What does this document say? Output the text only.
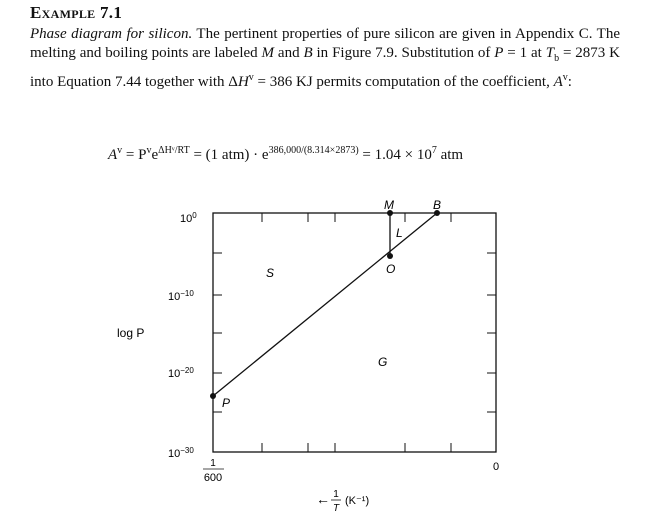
Example 7.1
Phase diagram for silicon. The pertinent properties of pure silicon are given in Appendix C. The melting and boiling points are labeled M and B in Figure 7.9. Substitution of P = 1 at $T_b = 2873$ K into Equation 7.44 together with $\Delta H^v = 386$ KJ permits computation of the coefficient, $A^v$:
$A^v = P^ve^{\Delta Hᵛ/RT} = (1$ $atm) \cdot e^{386,000/(8.314\times 2873)} = 1.04 \times 10^7$ atm
P
O
M	B
S
L
G
$10^0$
$10^{-10}$
$10^{-20}$
$10^{-30}$
log P
1
600
0
← 1
T
(K⁻¹)
